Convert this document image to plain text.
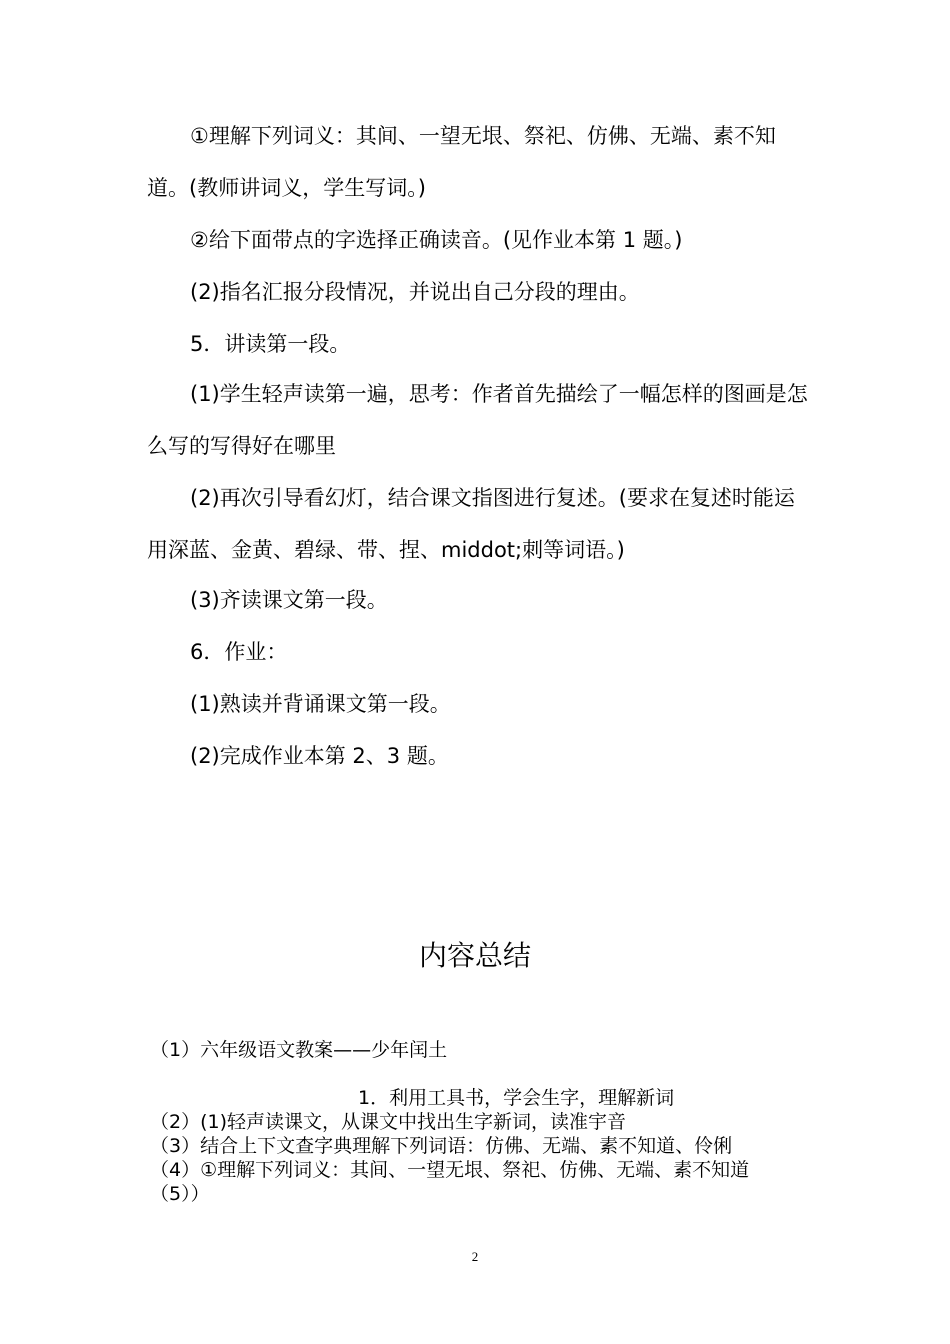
①理解下列词义：其间、一望无垠、祭祀、仿佛、无端、素不知道。(教师讲词义，学生写词。)

②给下面带点的字选择正确读音。(见作业本第 1 题。)

(2)指名汇报分段情况，并说出自己分段的理由。

5．讲读第一段。

(1)学生轻声读第一遍，思考：作者首先描绘了一幅怎样的图画是怎么写的写得好在哪里

(2)再次引导看幻灯，结合课文指图进行复述。(要求在复述时能运用深蓝、金黄、碧绿、带、捏、middot;刺等词语。)

(3)齐读课文第一段。

6．作业：

(1)熟读并背诵课文第一段。

(2)完成作业本第 2、3 题。

内容总结
（1）六年级语文教案——少年闰土
1．利用工具书，学会生字，理解新词
（2）(1)轻声读课文，从课文中找出生字新词，读准宇音
（3）结合上下文查字典理解下列词语：仿佛、无端、素不知道、伶俐
（4）①理解下列词义：其间、一望无垠、祭祀、仿佛、无端、素不知道
（5））
2
